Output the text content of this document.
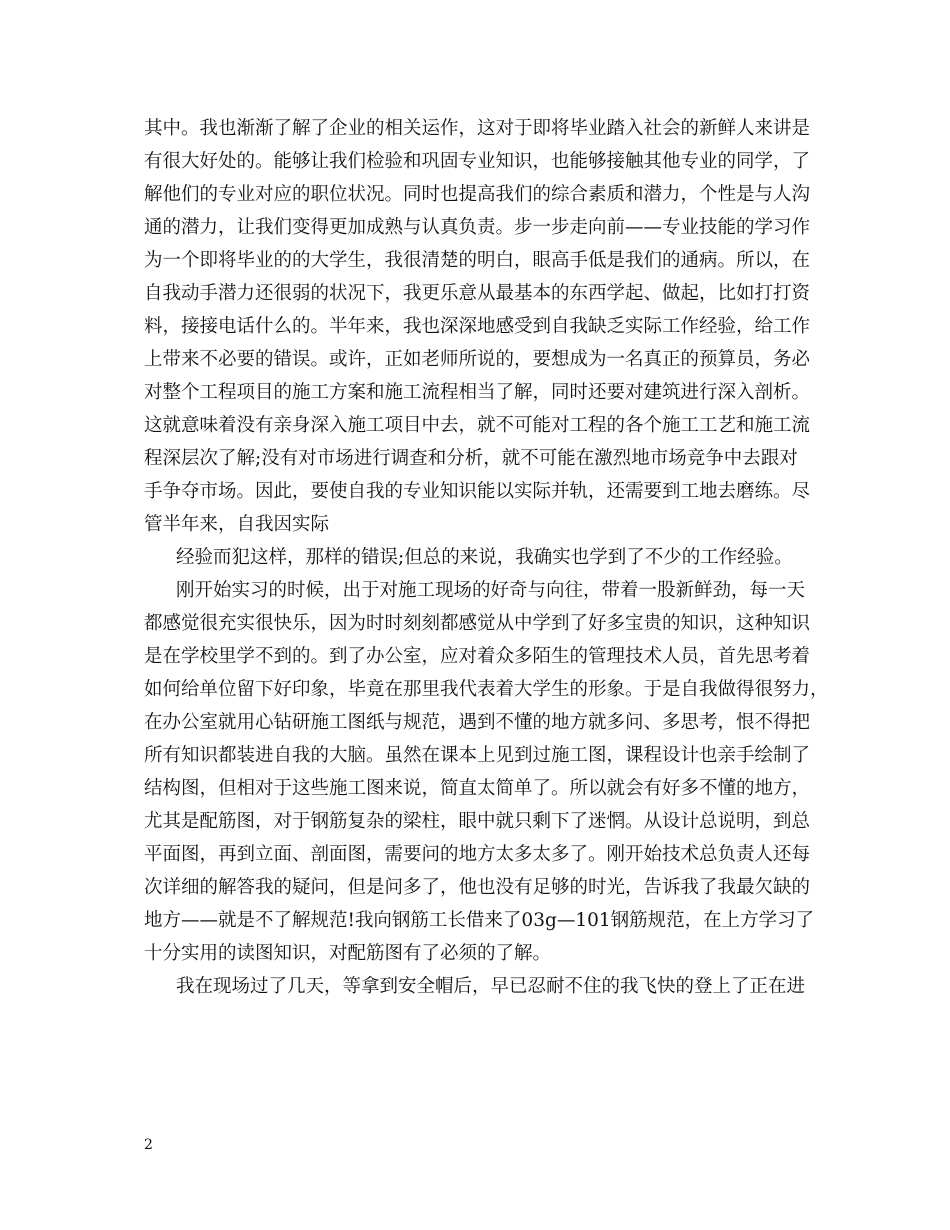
其中。我也渐渐了解了企业的相关运作，这对于即将毕业踏入社会的新鲜人来讲是
有很大好处的。能够让我们检验和巩固专业知识，也能够接触其他专业的同学，了
解他们的专业对应的职位状况。同时也提高我们的综合素质和潜力，个性是与人沟
通的潜力，让我们变得更加成熟与认真负责。步一步走向前——专业技能的学习作
为一个即将毕业的的大学生，我很清楚的明白，眼高手低是我们的通病。所以，在
自我动手潜力还很弱的状况下，我更乐意从最基本的东西学起、做起，比如打打资
料，接接电话什么的。半年来，我也深深地感受到自我缺乏实际工作经验，给工作
上带来不必要的错误。或许，正如老师所说的，要想成为一名真正的预算员，务必
对整个工程项目的施工方案和施工流程相当了解，同时还要对建筑进行深入剖析。
这就意味着没有亲身深入施工项目中去，就不可能对工程的各个施工工艺和施工流
程深层次了解;没有对市场进行调查和分析，就不可能在激烈地市场竞争中去跟对
手争夺市场。因此，要使自我的专业知识能以实际并轨，还需要到工地去磨练。尽
管半年来，自我因实际
经验而犯这样，那样的错误;但总的来说，我确实也学到了不少的工作经验。
刚开始实习的时候，出于对施工现场的好奇与向往，带着一股新鲜劲，每一天
都感觉很充实很快乐，因为时时刻刻都感觉从中学到了好多宝贵的知识，这种知识
是在学校里学不到的。到了办公室，应对着众多陌生的管理技术人员，首先思考着
如何给单位留下好印象，毕竟在那里我代表着大学生的形象。于是自我做得很努力，
在办公室就用心钻研施工图纸与规范，遇到不懂的地方就多问、多思考，恨不得把
所有知识都装进自我的大脑。虽然在课本上见到过施工图，课程设计也亲手绘制了
结构图，但相对于这些施工图来说，简直太简单了。所以就会有好多不懂的地方，
尤其是配筋图，对于钢筋复杂的梁柱，眼中就只剩下了迷惘。从设计总说明，到总
平面图，再到立面、剖面图，需要问的地方太多太多了。刚开始技术总负责人还每
次详细的解答我的疑问，但是问多了，他也没有足够的时光，告诉我了我最欠缺的
地方——就是不了解规范!我向钢筋工长借来了03g—101钢筋规范，在上方学习了
十分实用的读图知识，对配筋图有了必须的了解。
我在现场过了几天，等拿到安全帽后，早已忍耐不住的我飞快的登上了正在进
2
